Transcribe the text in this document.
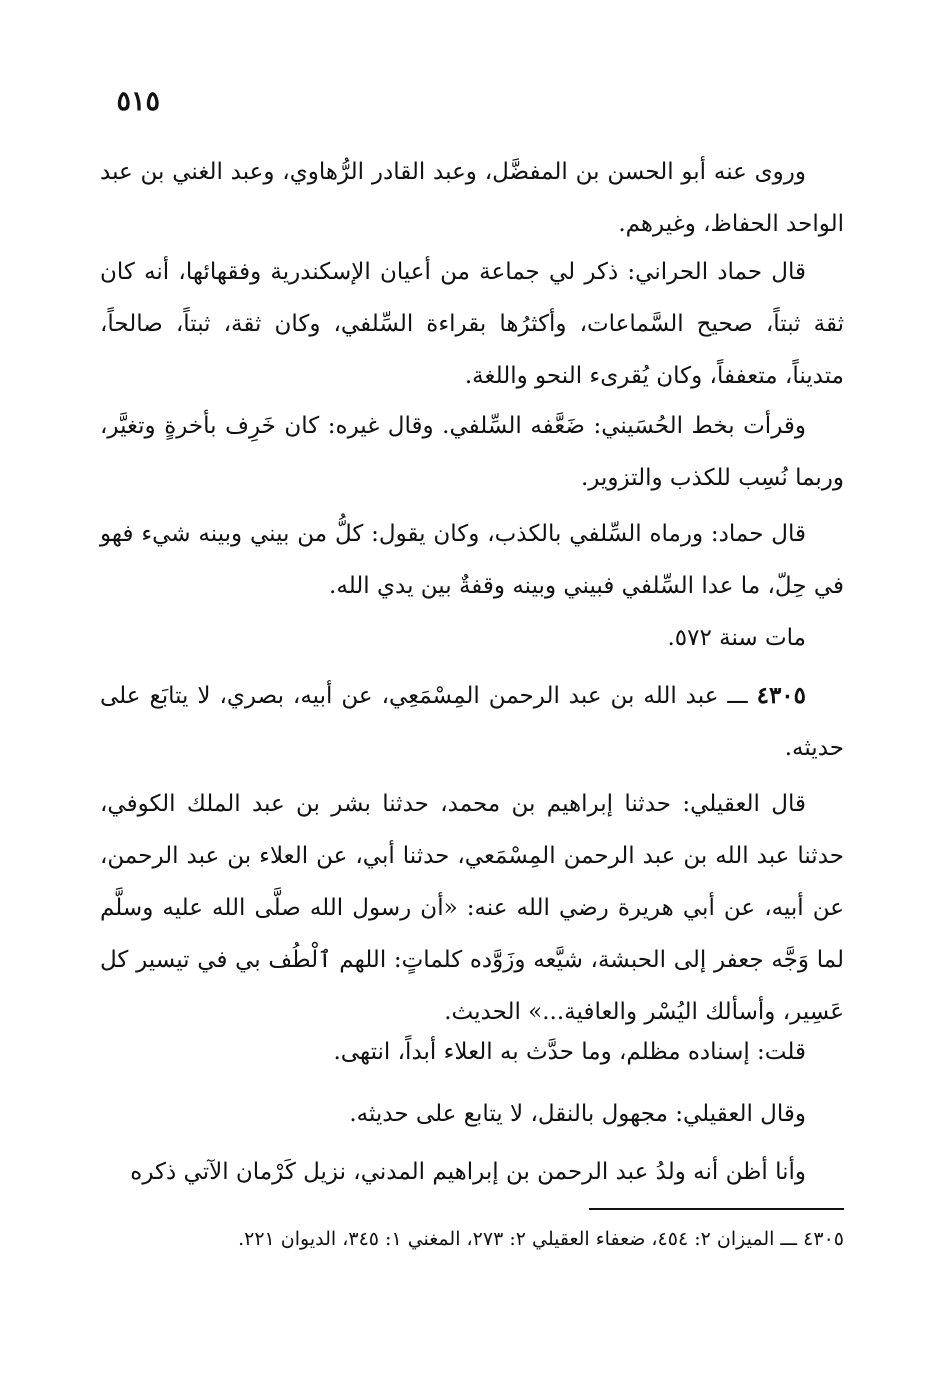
٥١٥

وروى عنه أبو الحسن بن المفضَّل، وعبد القادر الرُّهاوي، وعبد الغني بن عبد الواحد الحفاظ، وغيرهم.

قال حماد الحراني: ذكر لي جماعة من أعيان الإسكندرية وفقهائها، أنه كان ثقة ثبتاً، صحيح السَّماعات، وأكثرُها بقراءة السِّلفي، وكان ثقة، ثبتاً، صالحاً، متديناً، متعففاً، وكان يُقرىء النحو واللغة.

وقرأت بخط الحُسَيني: ضَعَّفه السِّلفي. وقال غيره: كان خَرِف بأخرةٍ وتغيَّر، وربما نُسِب للكذب والتزوير.

قال حماد: ورماه السِّلفي بالكذب، وكان يقول: كلُّ من بيني وبينه شيء فهو في حِلّ، ما عدا السِّلفي فبيني وبينه وقفةٌ بين يدي الله.

مات سنة ٥٧٢.

٤٣٠٥ ـــ عبد الله بن عبد الرحمن المِسْمَعِي، عن أبيه، بصري، لا يتابَع على حديثه.

قال العقيلي: حدثنا إبراهيم بن محمد، حدثنا بشر بن عبد الملك الكوفي، حدثنا عبد الله بن عبد الرحمن المِسْمَعي، حدثنا أبي، عن العلاء بن عبد الرحمن، عن أبيه، عن أبي هريرة رضي الله عنه: «أن رسول الله صلَّى الله عليه وسلَّم لما وَجَّه جعفر إلى الحبشة، شيَّعه وزَوَّده كلماتٍ: اللهم ٱلْطُف بي في تيسير كل عَسِير، وأسألك اليُسْر والعافية...» الحديث.

قلت: إسناده مظلم، وما حدَّث به العلاء أبداً، انتهى.

وقال العقيلي: مجهول بالنقل، لا يتابع على حديثه.

وأنا أظن أنه ولدُ عبد الرحمن بن إبراهيم المدني، نزيل كَرْمان الآتي ذكره

٤٣٠٥ ـــ الميزان ٢: ٤٥٤، ضعفاء العقيلي ٢: ٢٧٣، المغني ١: ٣٤٥، الديوان ٢٢١.
